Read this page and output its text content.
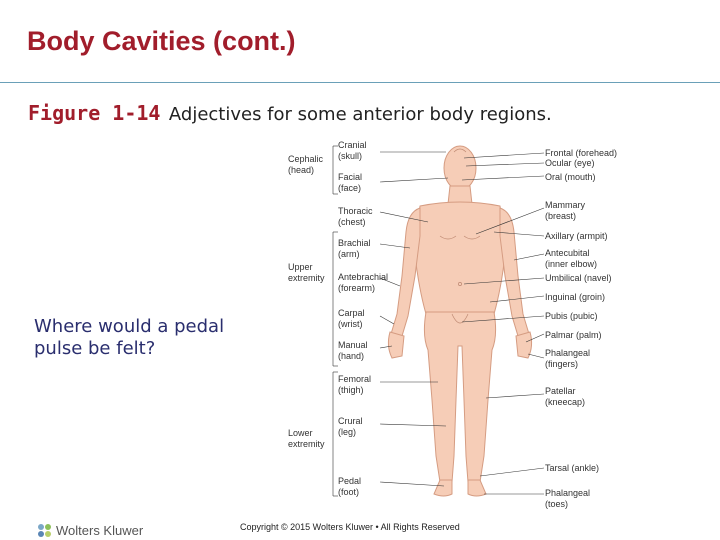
Body Cavities (cont.)
Figure 1-14 Adjectives for some anterior body regions.
Where would a pedal pulse be felt?
Cranial
(skull)
Cephalic
(head)
Facial
(face)
Thoracic
(chest)
Brachial
(arm)
Upper
extremity Antebrachial
(forearm)
Carpal
(wrist)
Manual
(hand)
Femoral
(thigh)
Crural
(leg)
Lower
extremity
Pedal
(foot)
Frontal (forehead)
Ocular (eye)
Oral (mouth)
Mammary
(breast)
Axillary (armpit)
Antecubital
(inner elbow)
Umbilical (navel)
Inguinal (groin)
Pubis (pubic)
Palmar (palm)
Phalangeal
(fingers)
Patellar
(kneecap)
Tarsal (ankle)
Phalangeal
(toes)
Wolters Kluwer	Copyright © 2015 Wolters Kluwer • All Rights Reserved
